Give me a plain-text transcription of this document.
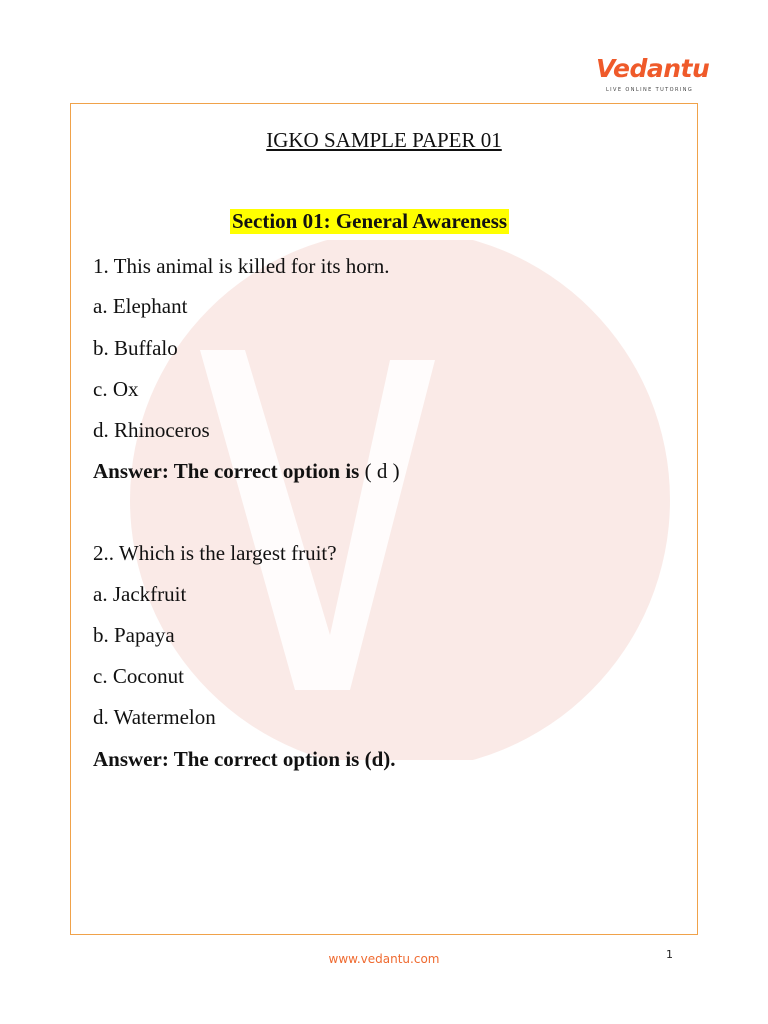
Vedantu
LIVE ONLINE TUTORING
IGKO SAMPLE PAPER 01
Section 01: General Awareness
1. This animal is killed for its horn.
a. Elephant
b. Buffalo
c. Ox
d. Rhinoceros
Answer: The correct option is ( d )
2.. Which is the largest fruit?
a. Jackfruit
b. Papaya
c. Coconut
d. Watermelon
Answer: The correct option is (d).
www.vedantu.com	1
